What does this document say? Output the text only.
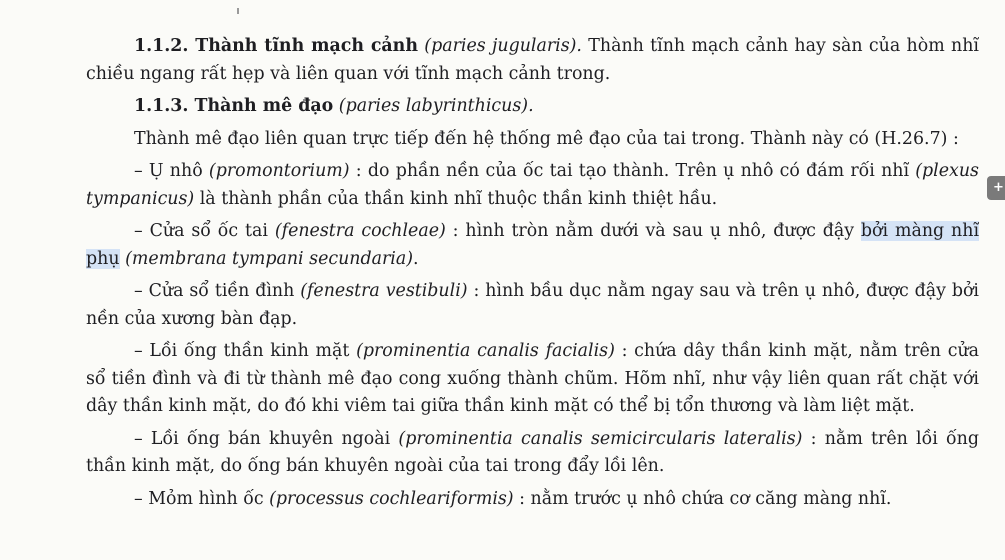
1.1.2. Thành tĩnh mạch cảnh (paries jugularis). Thành tĩnh mạch cảnh hay sàn của hòm nhĩ chiều ngang rất hẹp và liên quan với tĩnh mạch cảnh trong.

1.1.3. Thành mê đạo (paries labyrinthicus).

Thành mê đạo liên quan trực tiếp đến hệ thống mê đạo của tai trong. Thành này có (H.26.7) :

– Ụ nhô (promontorium) : do phần nền của ốc tai tạo thành. Trên ụ nhô có đám rối nhĩ (plexus tympanicus) là thành phần của thần kinh nhĩ thuộc thần kinh thiệt hầu.

– Cửa sổ ốc tai (fenestra cochleae) : hình tròn nằm dưới và sau ụ nhô, được đậy bởi màng nhĩ phụ (membrana tympani secundaria).

– Cửa sổ tiền đình (fenestra vestibuli) : hình bầu dục nằm ngay sau và trên ụ nhô, được đậy bởi nền của xương bàn đạp.

– Lồi ống thần kinh mặt (prominentia canalis facialis) : chứa dây thần kinh mặt, nằm trên cửa sổ tiền đình và đi từ thành mê đạo cong xuống thành chũm. Hõm nhĩ, như vậy liên quan rất chặt với dây thần kinh mặt, do đó khi viêm tai giữa thần kinh mặt có thể bị tổn thương và làm liệt mặt.

– Lồi ống bán khuyên ngoài (prominentia canalis semicircularis lateralis) : nằm trên lồi ống thần kinh mặt, do ống bán khuyên ngoài của tai trong đẩy lồi lên.

– Mỏm hình ốc (processus cochleariformis) : nằm trước ụ nhô chứa cơ căng màng nhĩ.

+
